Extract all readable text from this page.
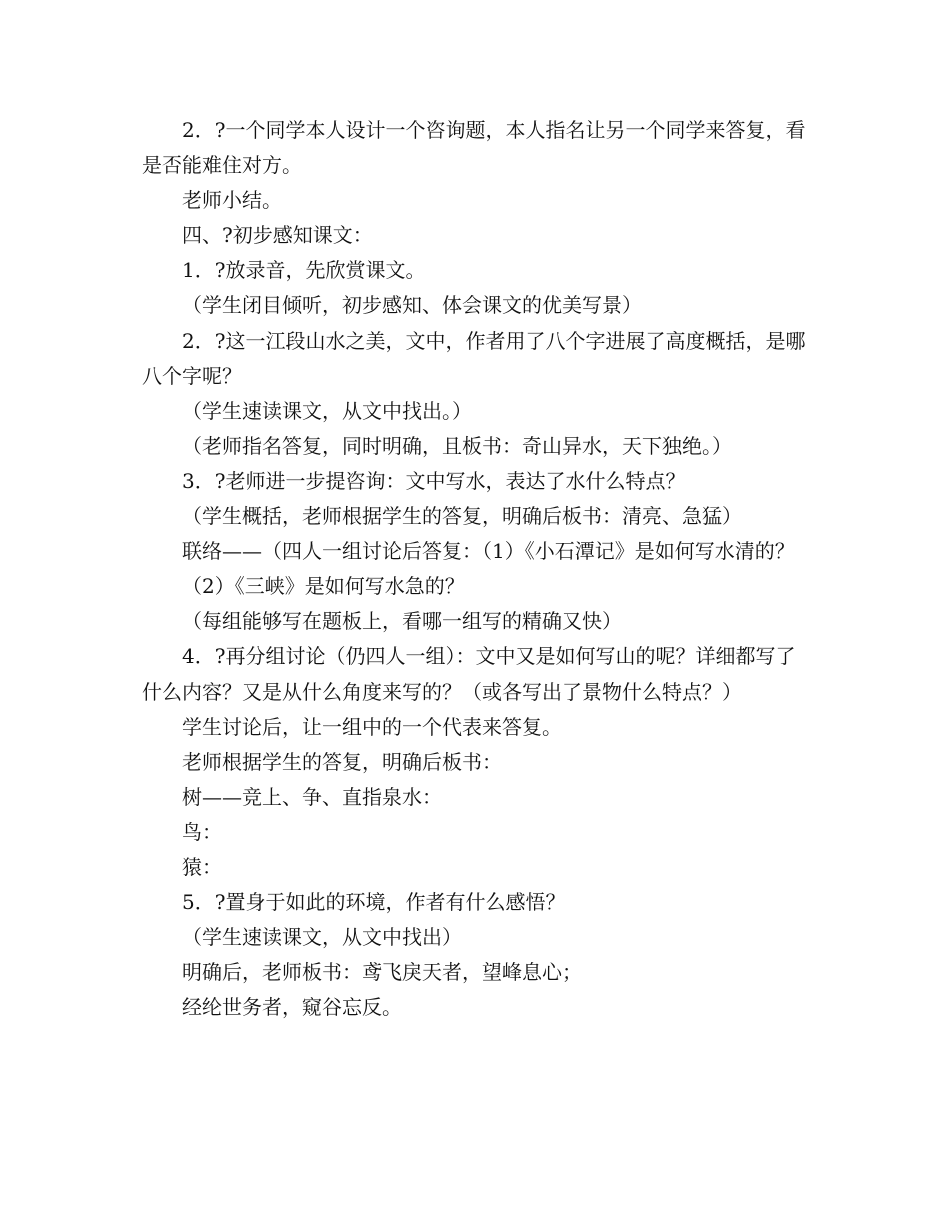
2．?一个同学本人设计一个咨询题，本人指名让另一个同学来答复，看是否能难住对方。

老师小结。

四、?初步感知课文：

1．?放录音，先欣赏课文。

（学生闭目倾听，初步感知、体会课文的优美写景）

2．?这一江段山水之美，文中，作者用了八个字进展了高度概括，是哪八个字呢？

（学生速读课文，从文中找出。）

（老师指名答复，同时明确，且板书：奇山异水，天下独绝。）

3．?老师进一步提咨询：文中写水，表达了水什么特点？

（学生概括，老师根据学生的答复，明确后板书：清亮、急猛）

联络——（四人一组讨论后答复：（1）《小石潭记》是如何写水清的？

（2）《三峡》是如何写水急的？

（每组能够写在题板上，看哪一组写的精确又快）

4．?再分组讨论（仍四人一组）：文中又是如何写山的呢？详细都写了什么内容？又是从什么角度来写的？（或各写出了景物什么特点？）

学生讨论后，让一组中的一个代表来答复。

老师根据学生的答复，明确后板书：

树——竞上、争、直指泉水：

鸟：

猿：

5．?置身于如此的环境，作者有什么感悟？

（学生速读课文，从文中找出）

明确后，老师板书：鸢飞戾天者，望峰息心；

经纶世务者，窥谷忘反。
